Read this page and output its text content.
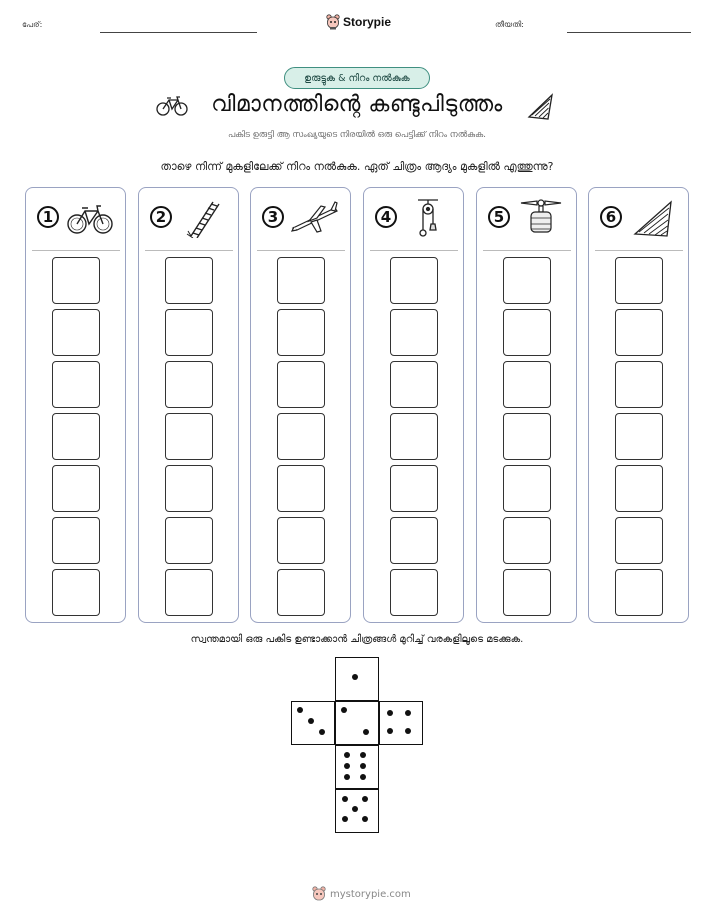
പേര്:	Storypie	തീയതി:
ഉരുട്ടുക & നിറം നൽകുക
വിമാനത്തിന്റെ കണ്ടുപിടുത്തം
പകിട ഉരുട്ടി ആ സംഖ്യയുടെ നിരയിൽ ഒരു പെട്ടിക്ക് നിറം നൽകുക.
താഴെ നിന്ന് മുകളിലേക്ക് നിറം നൽകുക. ഏത് ചിത്രം ആദ്യം മുകളിൽ എത്തുന്നു?
1	2	3	4	5	6
സ്വന്തമായി ഒരു പകിട ഉണ്ടാക്കാൻ ചിത്രങ്ങൾ മുറിച്ച് വരകളിലൂടെ മടക്കുക.
mystorypie.com
